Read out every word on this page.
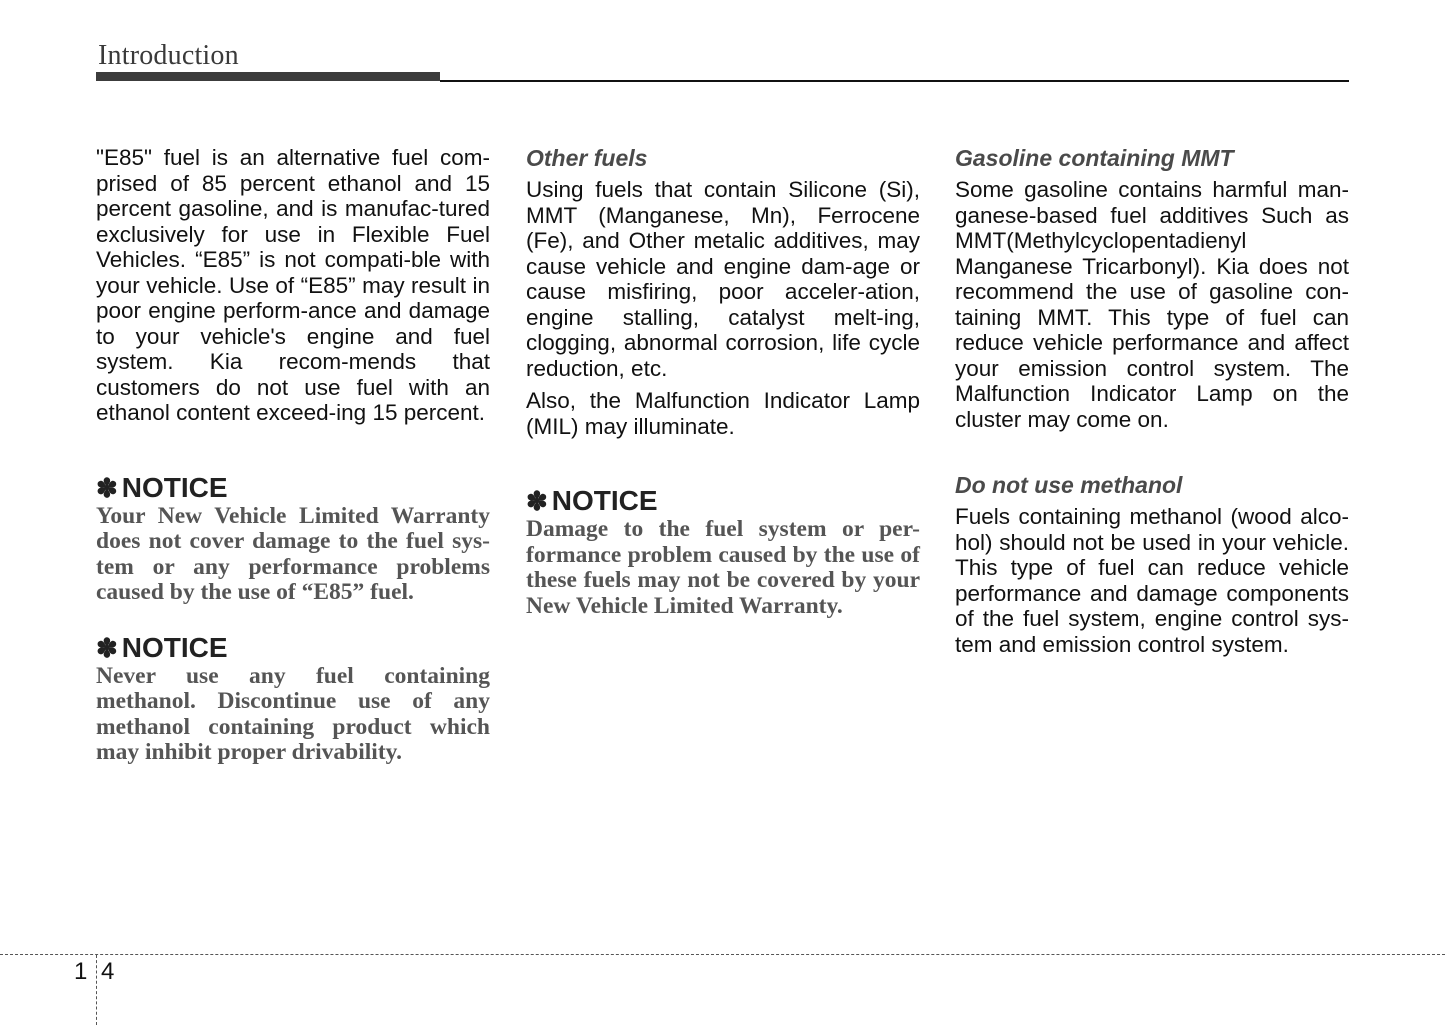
Introduction

"E85" fuel is an alternative fuel com-prised of 85 percent ethanol and 15 percent gasoline, and is manufac-tured exclusively for use in Flexible Fuel Vehicles. “E85” is not compati-ble with your vehicle. Use of “E85” may result in poor engine perform-ance and damage to your vehicle's engine and fuel system. Kia recom-mends that customers do not use fuel with an ethanol content exceed-ing 15 percent.

✽ NOTICE

Your New Vehicle Limited Warranty does not cover damage to the fuel sys-tem or any performance problems caused by the use of “E85” fuel.

✽ NOTICE

Never use any fuel containing methanol. Discontinue use of any methanol containing product which may inhibit proper drivability.

Other fuels

Using fuels that contain Silicone (Si), MMT (Manganese, Mn), Ferrocene (Fe), and Other metalic additives, may cause vehicle and engine dam-age or cause misfiring, poor acceler-ation, engine stalling, catalyst melt-ing, clogging, abnormal corrosion, life cycle reduction, etc.

Also, the Malfunction Indicator Lamp (MIL) may illuminate.

✽ NOTICE

Damage to the fuel system or per-formance problem caused by the use of these fuels may not be covered by your New Vehicle Limited Warranty.

Gasoline containing MMT

Some gasoline contains harmful man-ganese-based fuel additives Such as MMT(Methylcyclopentadienyl Manganese Tricarbonyl). Kia does not recommend the use of gasoline con-taining MMT. This type of fuel can reduce vehicle performance and affect your emission control system. The Malfunction Indicator Lamp on the cluster may come on.

Do not use methanol

Fuels containing methanol (wood alco-hol) should not be used in your vehicle. This type of fuel can reduce vehicle performance and damage components of the fuel system, engine control sys-tem and emission control system.

1 4
